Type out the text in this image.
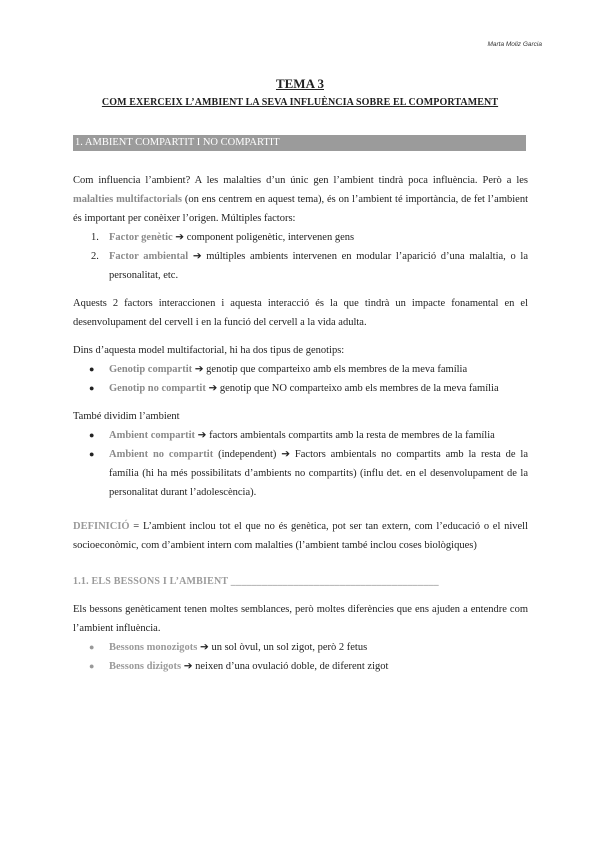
Marta Moliz Garcia
TEMA 3
COM EXERCEIX L’AMBIENT LA SEVA INFLUÈNCIA SOBRE EL COMPORTAMENT
1. AMBIENT COMPARTIT I NO COMPARTIT

Com influencia l’ambient? A les malalties d’un únic gen l’ambient tindrà poca influència. Però a les malalties multifactorials (on ens centrem en aquest tema), és on l’ambient té importància, de fet l’ambient és important per conèixer l’origen. Múltiples factors:

1. Factor genètic ➔ component poligenètic, intervenen gens
2. Factor ambiental ➔ múltiples ambients intervenen en modular l’aparició d’una malaltia, o la personalitat, etc.

Aquests 2 factors interaccionen i aquesta interacció és la que tindrà un impacte fonamental en el desenvolupament del cervell i en la funció del cervell a la vida adulta.

Dins d’aquesta model multifactorial, hi ha dos tipus de genotips:

● Genotip compartit ➔ genotip que comparteixo amb els membres de la meva família
● Genotip no compartit ➔ genotip que NO comparteixo amb els membres de la meva família

També dividim l’ambient

● Ambient compartit ➔ factors ambientals compartits amb la resta de membres de la família
● Ambient no compartit (independent) ➔ Factors ambientals no compartits amb la resta de la família (hi ha més possibilitats d’ambients no compartits) (influ det. en el desenvolupament de la personalitat durant l’adolescència).

DEFINICIÓ = L’ambient inclou tot el que no és genètica, pot ser tan extern, com l’educació o el nivell socioeconòmic, com d’ambient intern com malalties (l’ambient també inclou coses biològiques)

1.1. ELS BESSONS I L’AMBIENT ________________________________________

Els bessons genèticament tenen moltes semblances, però moltes diferències que ens ajuden a entendre com l’ambient influència.

● Bessons monozigots ➔ un sol òvul, un sol zigot, però 2 fetus
● Bessons dizigots ➔ neixen d’una ovulació doble, de diferent zigot
